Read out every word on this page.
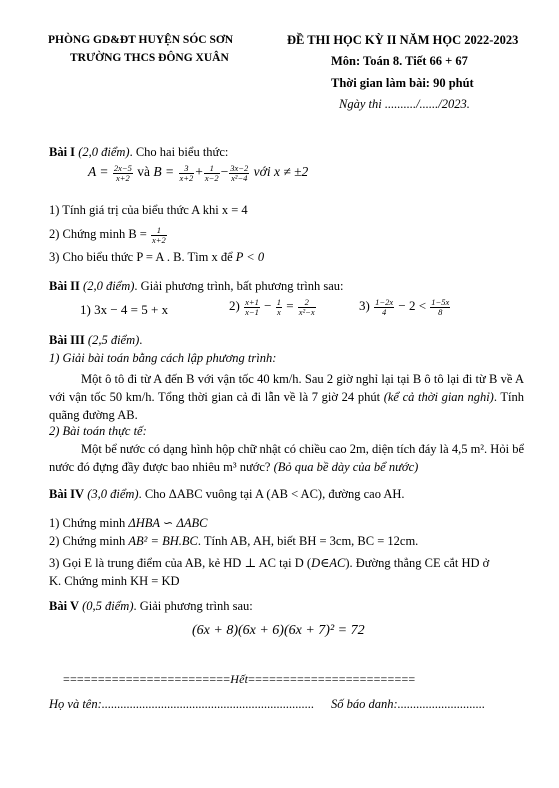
PHÒNG GD&ĐT HUYỆN SÓC SƠN
TRƯỜNG THCS ĐÔNG XUÂN
ĐỀ THI HỌC KỲ II NĂM HỌC 2022-2023
Môn: Toán 8. Tiết 66 + 67
Thời gian làm bài: 90 phút
Ngày thi ........../....../2023.
Bài I (2,0 điểm). Cho hai biểu thức:
$A = \frac{2x-5}{x+2}$ và $B = \frac{3}{x+2} + \frac{1}{x-2} - \frac{3x-2}{\text{x²−4}}$ với x ≠ ±2
1) Tính giá trị của biểu thức A khi x = 4
2) Chứng minh $B = \frac{1}{x+2}$
3) Cho biểu thức P = A . B. Tìm x để P < 0
Bài II (2,0 điểm). Giải phương trình, bất phương trình sau:
1) 3x − 4 = 5 + x	$2) \frac{x+1}{x-1} - \frac{1}{x} = \frac{2}{\text{x²−x}}$	$3) \frac{1-2x}{4} - 2 < \frac{1-5x}{8}$
Bài III (2,5 điểm).
1) Giải bài toán bằng cách lập phương trình:

Một ô tô đi từ A đến B với vận tốc 40 km/h. Sau 2 giờ nghỉ lại tại B ô tô lại đi từ B về A với vận tốc 50 km/h. Tổng thời gian cả đi lẫn về là 7 giờ 24 phút (kể cả thời gian nghỉ). Tính quãng đường AB.

2) Bài toán thực tế:

Một bể nước có dạng hình hộp chữ nhật có chiều cao 2m, diện tích đáy là 4,5 m². Hỏi bể nước đó đựng đầy được bao nhiêu m³ nước? (Bỏ qua bề dày của bể nước)

Bài IV (3,0 điểm). Cho ΔABC vuông tại A (AB < AC), đường cao AH.
1) Chứng minh ΔHBA ∽ ΔABC
2) Chứng minh AB² = BH.BC. Tính AB, AH, biết BH = 3cm, BC = 12cm.
3) Gọi E là trung điểm của AB, kẻ HD ⊥ AC tại D (D∈AC). Đường thẳng CE cắt HD ở
K. Chứng minh KH = KD
Bài V (0,5 điểm). Giải phương trình sau:
(6x + 8)(6x + 6)(6x + 7)² = 72
========================Hết========================
Họ và tên:.................................................................... Số báo danh:............................
